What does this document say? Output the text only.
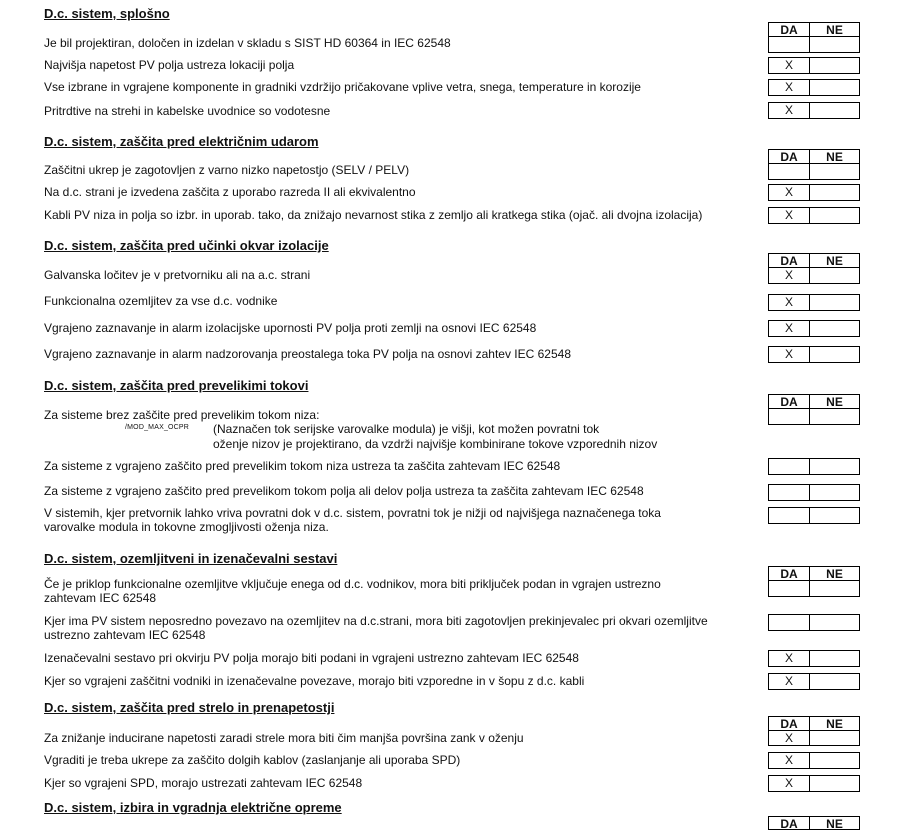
D.c. sistem, splošno
DA	NE
Je bil projektiran, določen in izdelan v skladu s SIST HD 60364 in IEC 62548
Najvišja napetost PV polja ustreza lokaciji polja	X
Vse izbrane in vgrajene komponente in gradniki vzdržijo pričakovane vplive vetra, snega, temperature in korozije	X
Pritrdtive na strehi in kabelske uvodnice so vodotesne	X
D.c. sistem, zaščita pred električnim udarom
DA	NE
Zaščitni ukrep je zagotovljen z varno nizko napetostjo (SELV / PELV)
Na d.c. strani je izvedena zaščita z uporabo razreda II ali ekvivalentno	X
Kabli PV niza in polja so izbr. in uporab. tako, da znižajo nevarnost stika z zemljo ali kratkega stika (ojač. ali dvojna izolacija)	X
D.c. sistem, zaščita pred učinki okvar izolacije
DA	NE
Galvanska ločitev je v pretvorniku ali na a.c. strani	X
Funkcionalna ozemljitev za vse d.c. vodnike	X
Vgrajeno zaznavanje in alarm izolacijske upornosti PV polja proti zemlji na osnovi IEC 62548	X
Vgrajeno zaznavanje in alarm nadzorovanja preostalega toka PV polja na osnovi zahtev IEC 62548	X
D.c. sistem, zaščita pred prevelikimi tokovi
DA	NE
Za sisteme brez zaščite pred prevelikim tokom niza:
/MOD_MAX_OCPR (Naznačen tok serijske varovalke modula) je višji, kot možen povratni tok
oženje nizov je projektirano, da vzdrži najvišje kombinirane tokove vzporednih nizov
Za sisteme z vgrajeno zaščito pred prevelikim tokom niza ustreza ta zaščita zahtevam IEC 62548
Za sisteme z vgrajeno zaščito pred prevelikom tokom polja ali delov polja ustreza ta zaščita zahtevam IEC 62548
V sistemih, kjer pretvornik lahko vriva povratni dok v d.c. sistem, povratni tok je nižji od najvišjega naznačenega toka
varovalke modula in tokovne zmogljivosti oženja niza.
D.c. sistem, ozemljitveni in izenačevalni sestavi
DA	NE
Če je priklop funkcionalne ozemljitve vključuje enega od d.c. vodnikov, mora biti priključek podan in vgrajen ustrezno
zahtevam IEC 62548
Kjer ima PV sistem neposredno povezavo na ozemljitev na d.c.strani, mora biti zagotovljen prekinjevalec pri okvari ozemljitve
ustrezno zahtevam IEC 62548
Izenačevalni sestavo pri okvirju PV polja morajo biti podani in vgrajeni ustrezno zahtevam IEC 62548	X
Kjer so vgrajeni zaščitni vodniki in izenačevalne povezave, morajo biti vzporedne in v šopu z d.c. kabli	X
D.c. sistem, zaščita pred strelo in prenapetostji
DA	NE
Za znižanje inducirane napetosti zaradi strele mora biti čim manjša površina zank v oženju	X
Vgraditi je treba ukrepe za zaščito dolgih kablov (zaslanjanje ali uporaba SPD)	X
Kjer so vgrajeni SPD, morajo ustrezati zahtevam IEC 62548	X
D.c. sistem, izbira in vgradnja električne opreme
DA	NE
